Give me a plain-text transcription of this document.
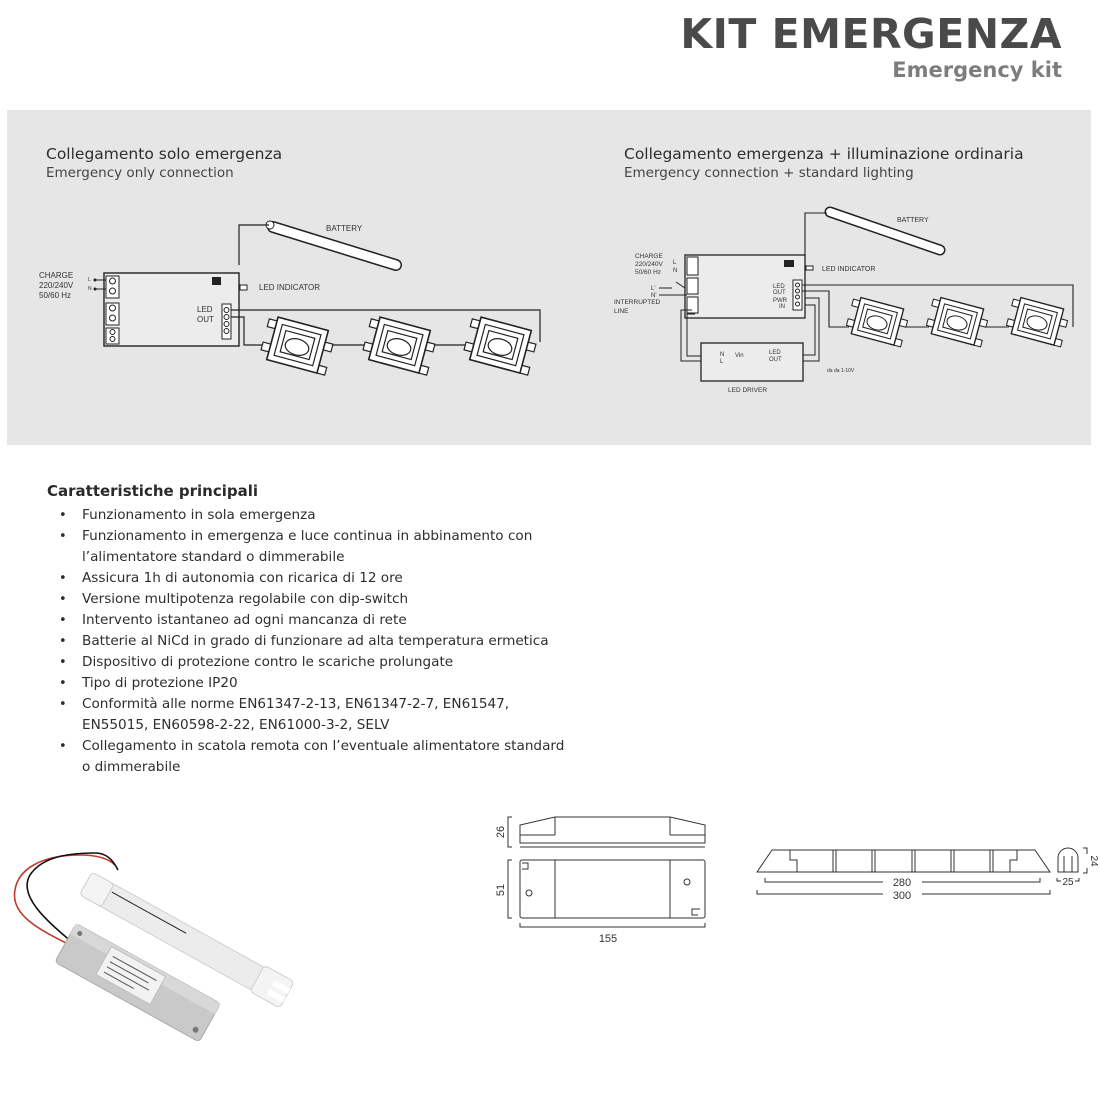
KIT EMERGENZA
Emergency kit
Collegamento solo emergenza
Emergency only connection
Collegamento emergenza + illuminazione ordinaria
Emergency connection + standard lighting
BATTERY
LED
OUT
LED INDICATOR
CHARGE
220/240V
50/60 Hz
L
N
BATTERY
LED
OUT
PWR
IN
LED INDICATOR
CHARGE
220/240V
50/60 Hz
L
N
L'
N'
INTERRUPTED
LINE
N
L
Vin	LED
OUT
LED DRIVER
da da 1-10V
Caratteristiche principali
• Funzionamento in sola emergenza
• Funzionamento in emergenza e luce continua in abbinamento con l’alimentatore standard o dimmerabile
• Assicura 1h di autonomia con ricarica di 12 ore
• Versione multipotenza regolabile con dip-switch
• Intervento istantaneo ad ogni mancanza di rete
• Batterie al NiCd in grado di funzionare ad alta temperatura ermetica
• Dispositivo di protezione contro le scariche prolungate
• Tipo di protezione IP20
• Conformità alle norme EN61347-2-13, EN61347-2-7, EN61547, EN55015, EN60598-2-22, EN61000-3-2, SELV
• Collegamento in scatola remota con l’eventuale alimentatore standard o dimmerabile
26
51
155
280
300
25
24
